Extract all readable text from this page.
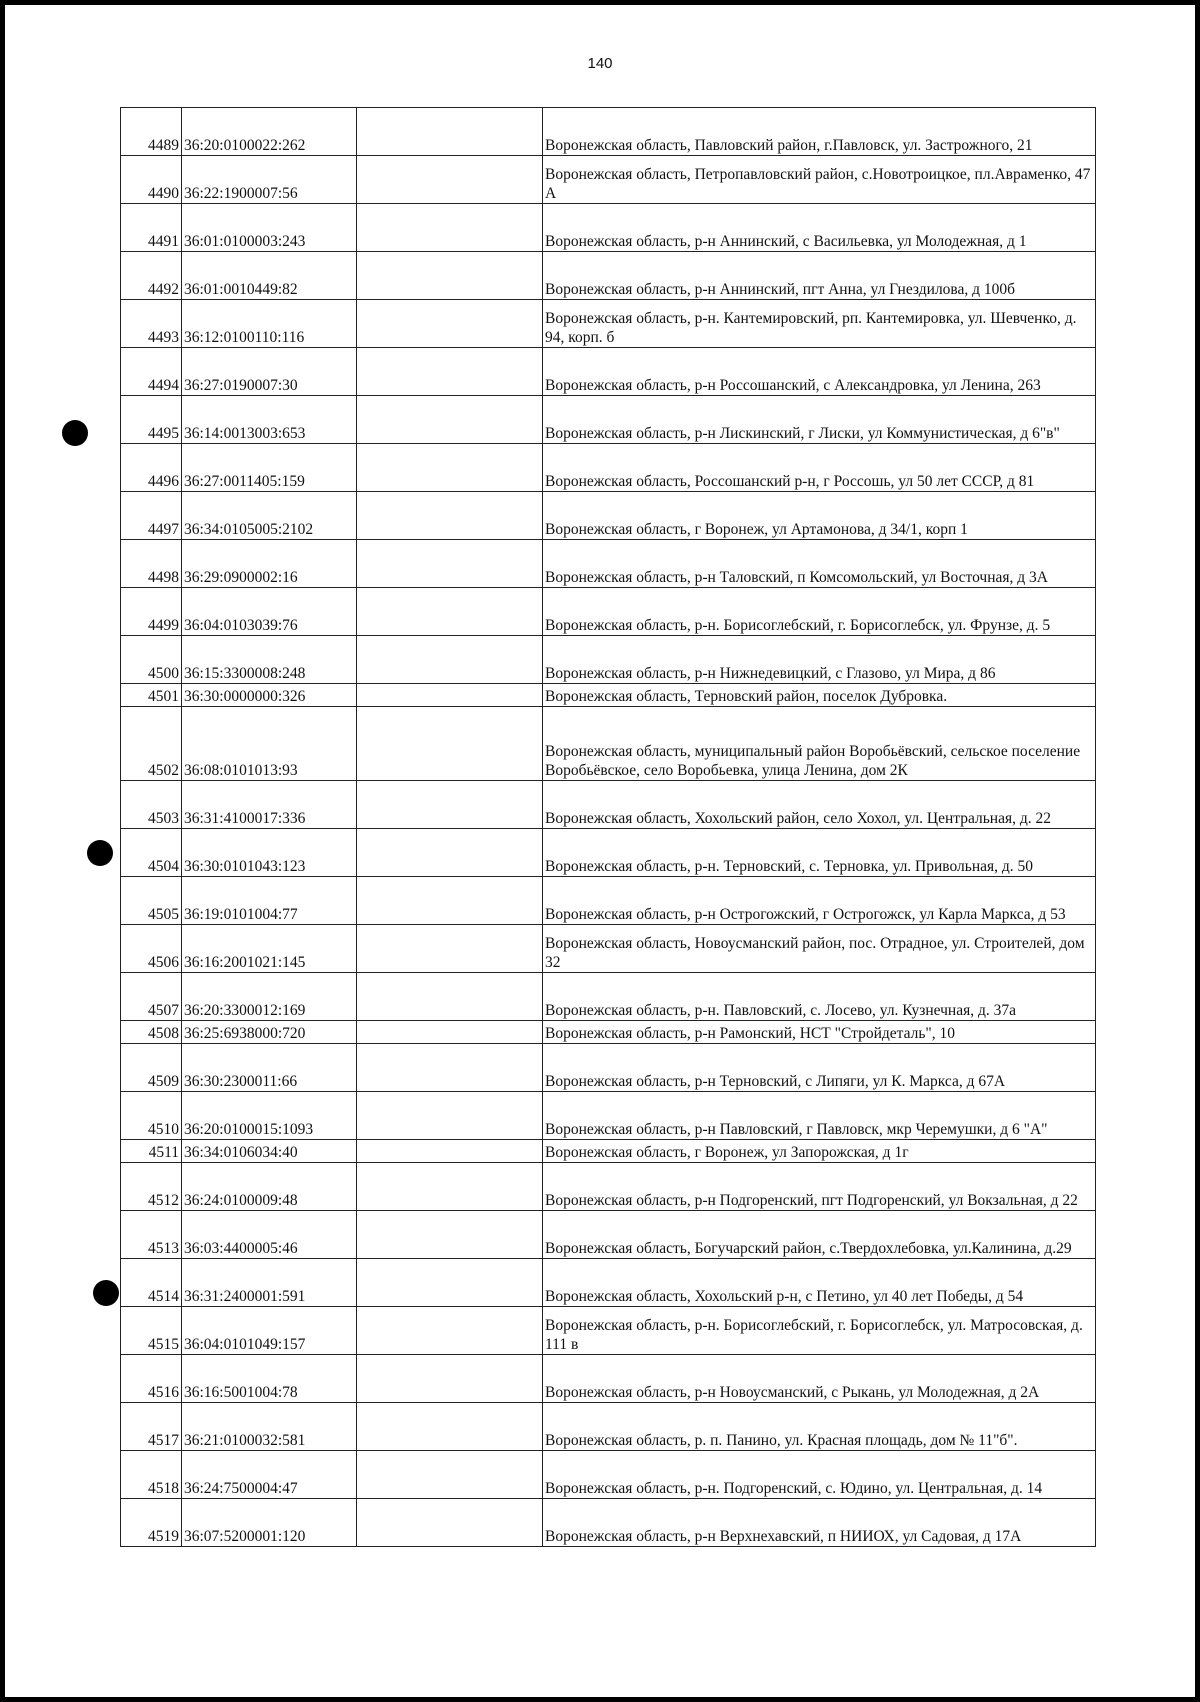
140
4489	36:20:0100022:262		Воронежская область, Павловский район, г.Павловск, ул. Застрожного, 21
4490	36:22:1900007:56		Воронежская область, Петропавловский район, с.Новотроицкое, пл.Авраменко, 47 А
4491	36:01:0100003:243		Воронежская область, р-н Аннинский, с Васильевка, ул Молодежная, д 1
4492	36:01:0010449:82		Воронежская область, р-н Аннинский, пгт Анна, ул Гнездилова, д 100б
4493	36:12:0100110:116		Воронежская область, р-н. Кантемировский, рп. Кантемировка, ул. Шевченко, д. 94, корп. б
4494	36:27:0190007:30		Воронежская область, р-н Россошанский, с Александровка, ул Ленина, 263
4495	36:14:0013003:653		Воронежская область, р-н Лискинский, г Лиски, ул Коммунистическая, д 6"в"
4496	36:27:0011405:159		Воронежская область, Россошанский р-н, г Россошь, ул 50 лет СССР, д 81
4497	36:34:0105005:2102		Воронежская область, г Воронеж, ул Артамонова, д 34/1, корп 1
4498	36:29:0900002:16		Воронежская область, р-н Таловский, п Комсомольский, ул Восточная, д 3А
4499	36:04:0103039:76		Воронежская область, р-н. Борисоглебский, г. Борисоглебск, ул. Фрунзе, д. 5
4500	36:15:3300008:248		Воронежская область, р-н Нижнедевицкий, с Глазово, ул Мира, д 86
4501	36:30:0000000:326		Воронежская область, Терновский район, поселок Дубровка.
4502	36:08:0101013:93		Воронежская область, муниципальный район Воробьёвский, сельское поселение Воробьёвское, село Воробьевка, улица Ленина, дом 2К
4503	36:31:4100017:336		Воронежская область, Хохольский район, село Хохол, ул. Центральная, д. 22
4504	36:30:0101043:123		Воронежская область, р-н. Терновский, с. Терновка, ул. Привольная, д. 50
4505	36:19:0101004:77		Воронежская область, р-н Острогожский, г Острогожск, ул Карла Маркса, д 53
4506	36:16:2001021:145		Воронежская область, Новоусманский район, пос. Отрадное, ул. Строителей, дом 32
4507	36:20:3300012:169		Воронежская область, р-н. Павловский, с. Лосево, ул. Кузнечная, д. 37а
4508	36:25:6938000:720		Воронежская область, р-н Рамонский, НСТ "Стройдеталь", 10
4509	36:30:2300011:66		Воронежская область, р-н Терновский, с Липяги, ул К. Маркса, д 67А
4510	36:20:0100015:1093		Воронежская область, р-н Павловский, г Павловск, мкр Черемушки, д 6 "А"
4511	36:34:0106034:40		Воронежская область, г Воронеж, ул Запорожская, д 1г
4512	36:24:0100009:48		Воронежская область, р-н Подгоренский, пгт Подгоренский, ул Вокзальная, д 22
4513	36:03:4400005:46		Воронежская область, Богучарский район, с.Твердохлебовка, ул.Калинина, д.29
4514	36:31:2400001:591		Воронежская область, Хохольский р-н, с Петино, ул 40 лет Победы, д 54
4515	36:04:0101049:157		Воронежская область, р-н. Борисоглебский, г. Борисоглебск, ул. Матросовская, д. 111 в
4516	36:16:5001004:78		Воронежская область, р-н Новоусманский, с Рыкань, ул Молодежная, д 2А
4517	36:21:0100032:581		Воронежская область, р. п. Панино, ул. Красная площадь, дом № 11"б".
4518	36:24:7500004:47		Воронежская область, р-н. Подгоренский, с. Юдино, ул. Центральная, д. 14
4519	36:07:5200001:120		Воронежская область, р-н Верхнехавский, п НИИОХ, ул Садовая, д 17А
